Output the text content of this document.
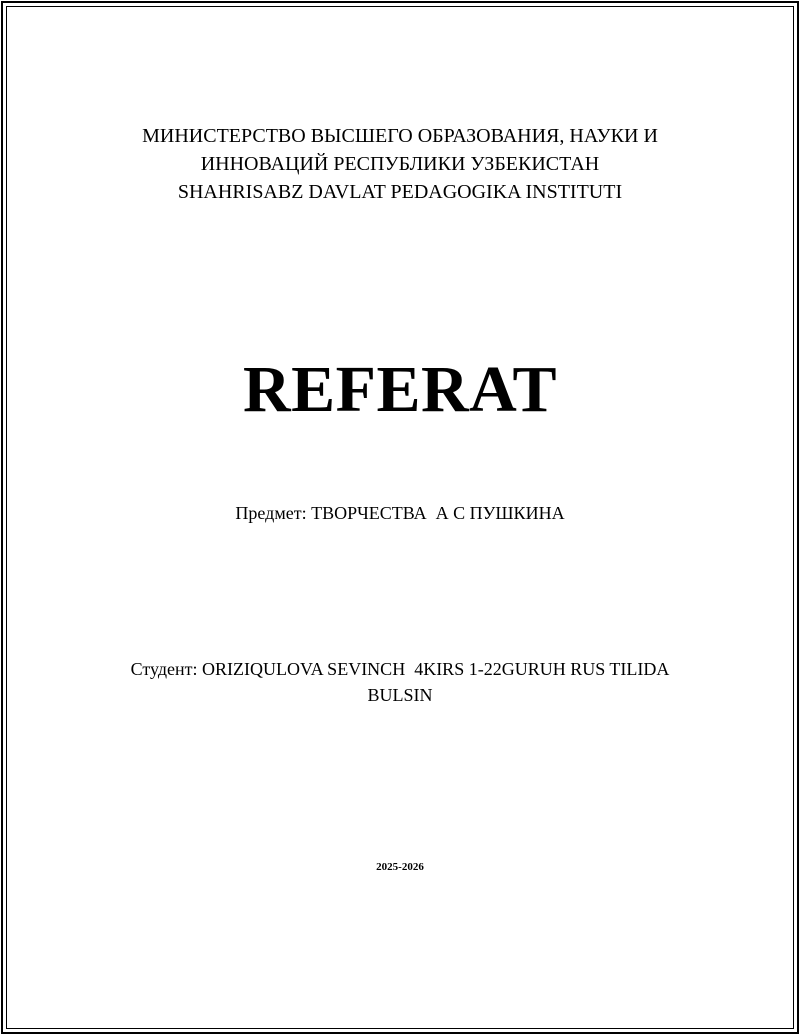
МИНИСТЕРСТВО ВЫСШЕГО ОБРАЗОВАНИЯ, НАУКИ И
ИННОВАЦИЙ РЕСПУБЛИКИ УЗБЕКИСТАН
SHAHRISABZ DAVLAT PEDAGOGIKA INSTITUTI
REFERAT
Предмет: ТВОРЧЕСТВА  А С ПУШКИНА
Студент: ORIZIQULOVA SEVINCH  4KIRS 1-22GURUH RUS TILIDA
BULSIN
2025-2026
